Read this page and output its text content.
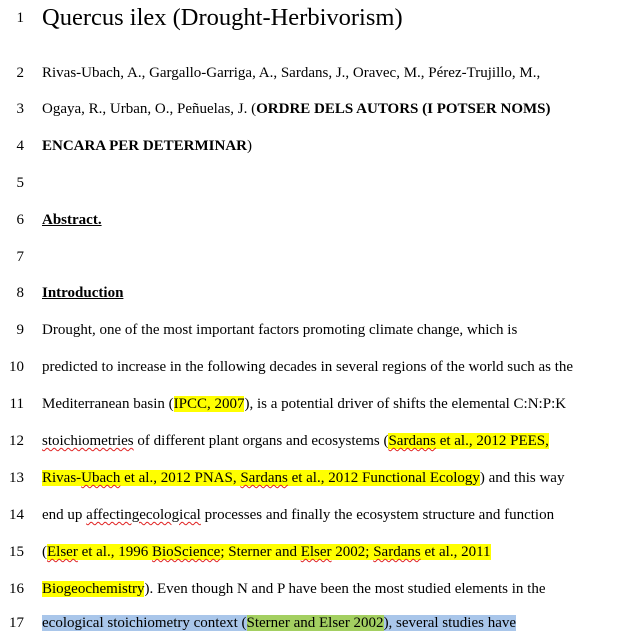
1 Quercus ilex (Drought-Herbivorism)
2 Rivas-Ubach, A., Gargallo-Garriga, A., Sardans, J., Oravec, M., Pérez-Trujillo, M.,
3 Ogaya, R., Urban, O., Peñuelas, J. (ORDRE DELS AUTORS (I POTSER NOMS)
4 ENCARA PER DETERMINAR)
5
6 Abstract.
7
8 Introduction
9 Drought, one of the most important factors promoting climate change, which is
10 predicted to increase in the following decades in several regions of the world such as the
11 Mediterranean basin (IPCC, 2007), is a potential driver of shifts the elemental C:N:P:K
12 stoichiometries of different plant organs and ecosystems (Sardans et al., 2012 PEES,
13 Rivas-Ubach et al., 2012 PNAS, Sardans et al., 2012 Functional Ecology) and this way
14 end up affectingecological processes and finally the ecosystem structure and function
15 (Elser et al., 1996 BioScience; Sterner and Elser 2002; Sardans et al., 2011
16 Biogeochemistry). Even though N and P have been the most studied elements in the
17 ecological stoichiometry context (Sterner and Elser 2002), several studies have
